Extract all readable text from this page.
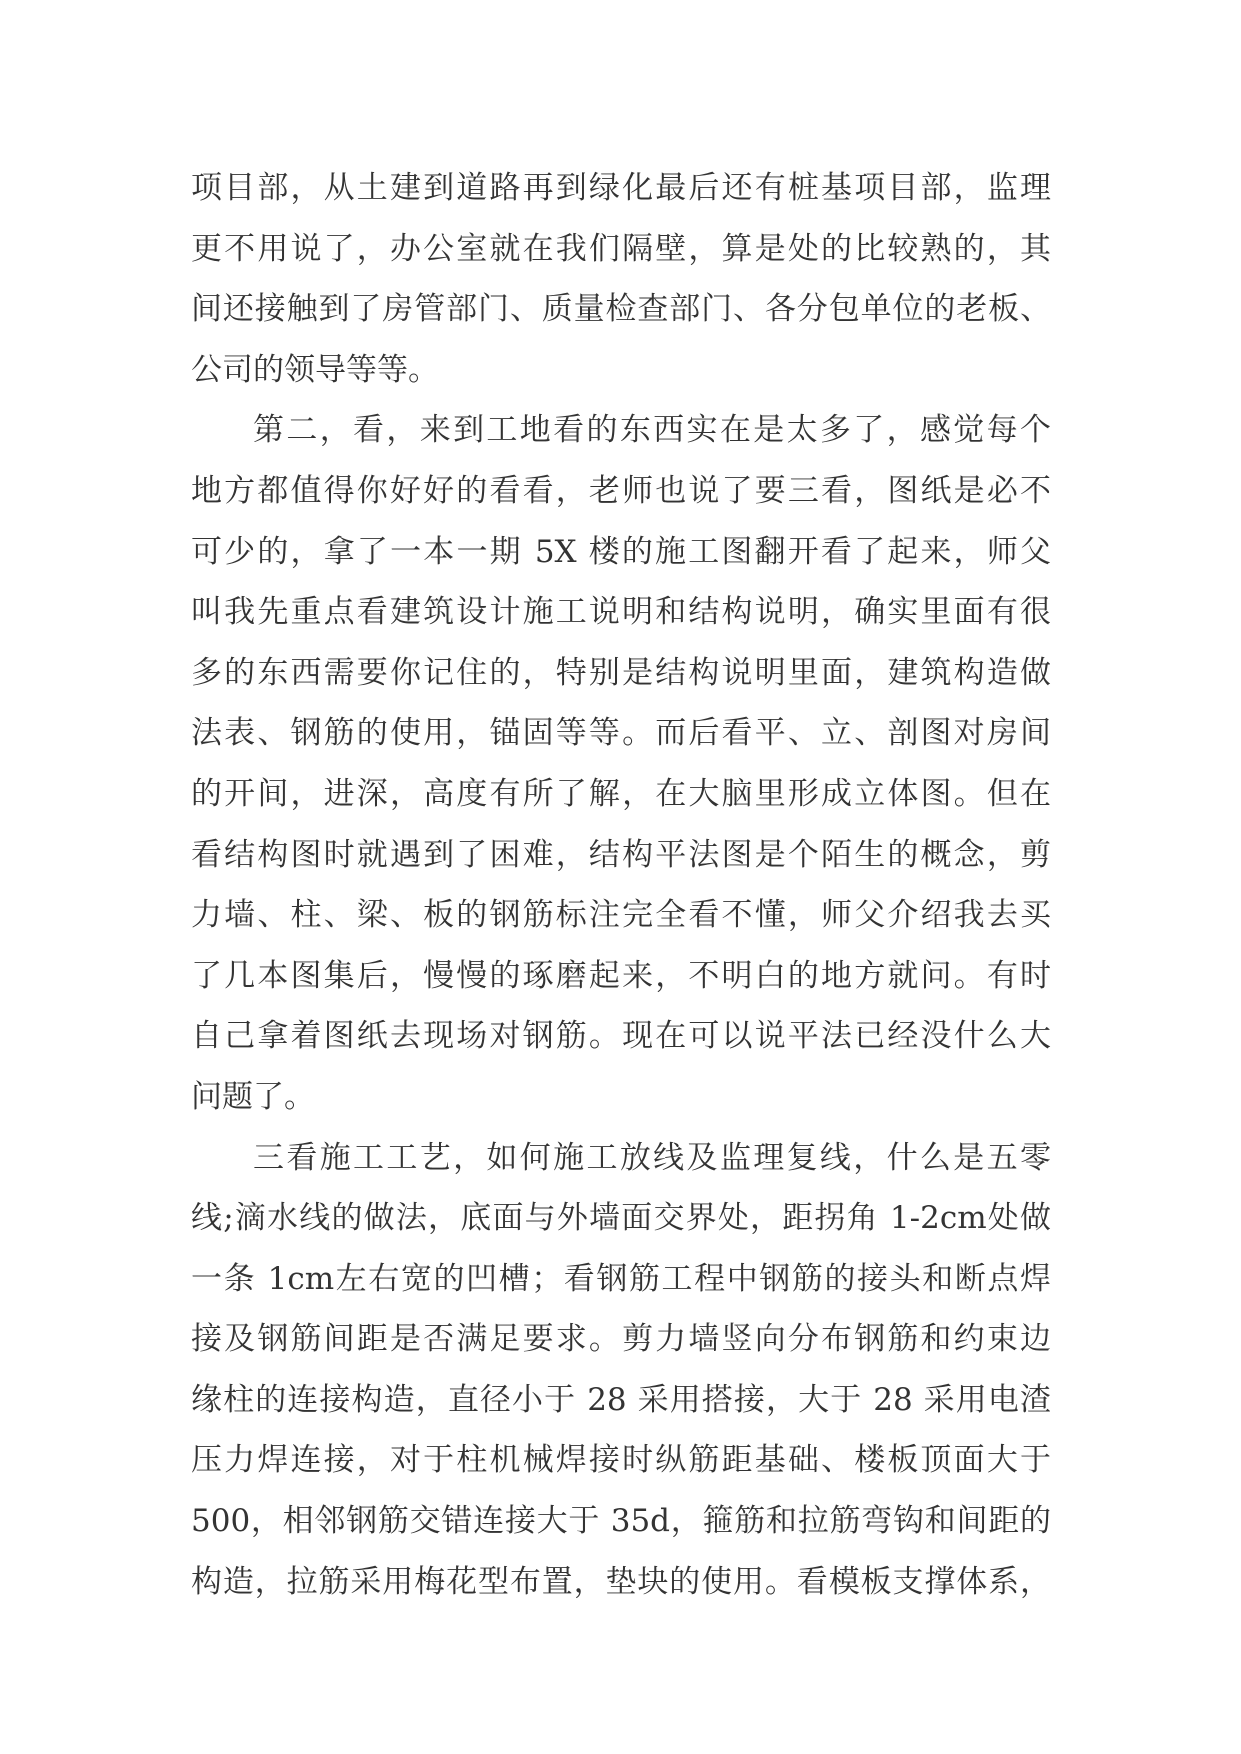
项目部，从土建到道路再到绿化最后还有桩基项目部，监理
更不用说了，办公室就在我们隔壁，算是处的比较熟的，其
间还接触到了房管部门、质量检查部门、各分包单位的老板、
公司的领导等等。
第二，看，来到工地看的东西实在是太多了，感觉每个
地方都值得你好好的看看，老师也说了要三看，图纸是必不
可少的，拿了一本一期 5X 楼的施工图翻开看了起来，师父
叫我先重点看建筑设计施工说明和结构说明，确实里面有很
多的东西需要你记住的，特别是结构说明里面，建筑构造做
法表、钢筋的使用，锚固等等。而后看平、立、剖图对房间
的开间，进深，高度有所了解，在大脑里形成立体图。但在
看结构图时就遇到了困难，结构平法图是个陌生的概念，剪
力墙、柱、梁、板的钢筋标注完全看不懂，师父介绍我去买
了几本图集后，慢慢的琢磨起来，不明白的地方就问。有时
自己拿着图纸去现场对钢筋。现在可以说平法已经没什么大
问题了。
三看施工工艺，如何施工放线及监理复线，什么是五零
线;滴水线的做法，底面与外墙面交界处，距拐角 1-2cm处做
一条 1cm左右宽的凹槽；看钢筋工程中钢筋的接头和断点焊
接及钢筋间距是否满足要求。剪力墙竖向分布钢筋和约束边
缘柱的连接构造，直径小于 28 采用搭接，大于 28 采用电渣
压力焊连接，对于柱机械焊接时纵筋距基础、楼板顶面大于
500，相邻钢筋交错连接大于 35d，箍筋和拉筋弯钩和间距的
构造，拉筋采用梅花型布置，垫块的使用。看模板支撑体系，
